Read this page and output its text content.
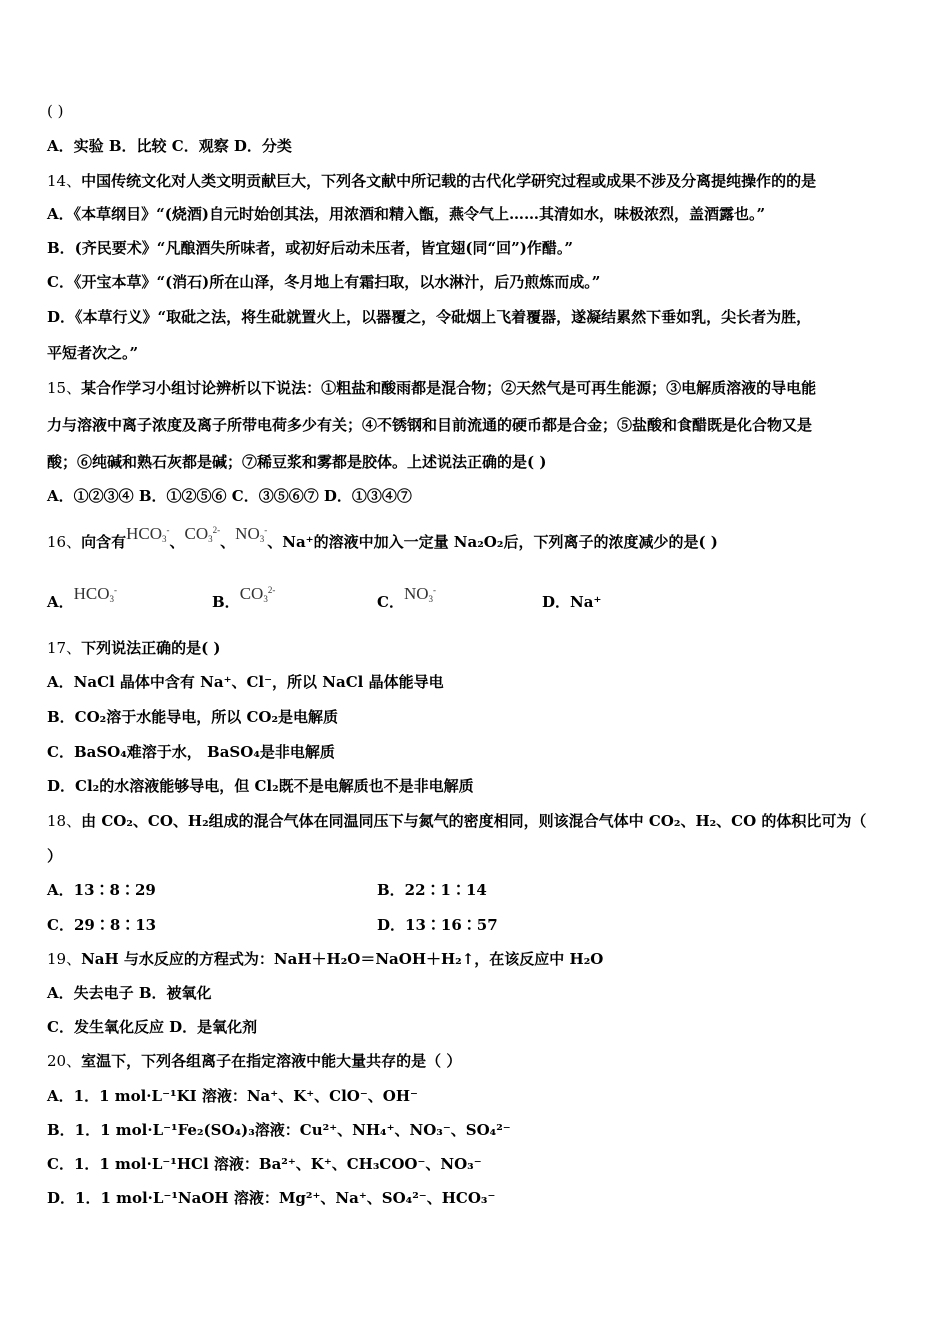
( )
A．实验 B．比较 C．观察 D．分类
14、中国传统文化对人类文明贡献巨大，下列各文献中所记载的古代化学研究过程或成果不涉及分离提纯操作的的是
A．《本草纲目》“(烧酒)自元时始创其法，用浓酒和精入甑，燕令气上……其清如水，味极浓烈，盖酒露也。”
B．(齐民要术》“凡酿酒失所味者，或初好后动未压者，皆宜翅(同“回”)作醋。”
C．《开宝本草》“(消石)所在山泽，冬月地上有霜扫取，以水淋汁，后乃煎炼而成。”
D．《本草行义》“取砒之法，将生砒就置火上，以器覆之，令砒烟上飞着覆器，遂凝结累然下垂如乳，尖长者为胜，
平短者次之。”
15、某合作学习小组讨论辨析以下说法：①粗盐和酸雨都是混合物；②天然气是可再生能源；③电解质溶液的导电能
力与溶液中离子浓度及离子所带电荷多少有关；④不锈钢和目前流通的硬币都是合金；⑤盐酸和食醋既是化合物又是
酸；⑥纯碱和熟石灰都是碱；⑦稀豆浆和雾都是胶体。上述说法正确的是( )
A．①②③④ B．①②⑤⑥ C．③⑤⑥⑦ D．①③④⑦
16、向含有$HCO_3^-$、$CO_3^{2-}$、$NO_3^-$、Na⁺的溶液中加入一定量 Na₂O₂后，下列离子的浓度减少的是( )
A．$HCO_3^-$
B．$CO_3^{2-}$
C．$NO_3^-$
D．Na⁺
17、下列说法正确的是( )
A．NaCl 晶体中含有 Na⁺、Cl⁻，所以 NaCl 晶体能导电
B．CO₂溶于水能导电，所以 CO₂是电解质
C．BaSO₄难溶于水， BaSO₄是非电解质
D．Cl₂的水溶液能够导电，但 Cl₂既不是电解质也不是非电解质
18、由 CO₂、CO、H₂组成的混合气体在同温同压下与氮气的密度相同，则该混合气体中 CO₂、H₂、CO 的体积比可为（
）
A．13∶8∶29	B．22∶1∶14
C．29∶8∶13	D．13∶16∶57
19、NaH 与水反应的方程式为：NaH＋H₂O＝NaOH＋H₂↑，在该反应中 H₂O
A．失去电子 B．被氧化
C．发生氧化反应 D．是氧化剂
20、室温下，下列各组离子在指定溶液中能大量共存的是（ ）
A．1．1 mol·L⁻¹KI 溶液：Na⁺、K⁺、ClO⁻、OH⁻
B．1．1 mol·L⁻¹Fe₂(SO₄)₃溶液：Cu²⁺、NH₄⁺、NO₃⁻、SO₄²⁻
C．1．1 mol·L⁻¹HCl 溶液：Ba²⁺、K⁺、CH₃COO⁻、NO₃⁻
D．1．1 mol·L⁻¹NaOH 溶液：Mg²⁺、Na⁺、SO₄²⁻、HCO₃⁻
